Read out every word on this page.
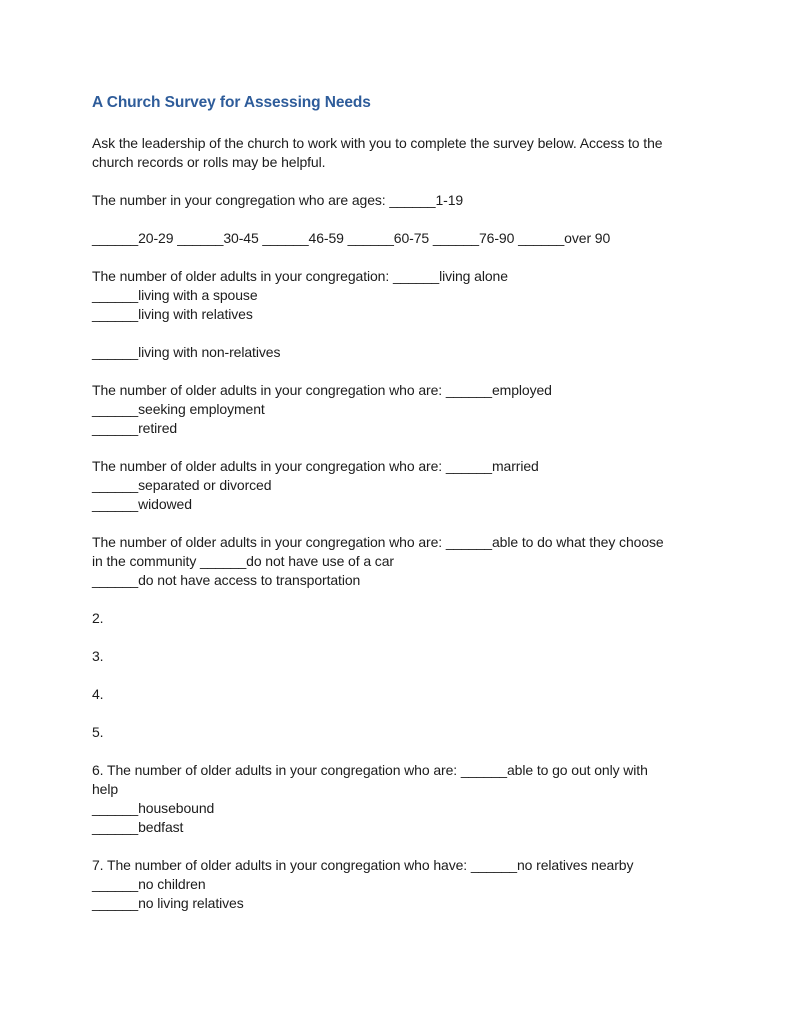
A Church Survey for Assessing Needs
Ask the leadership of the church to work with you to complete the survey below. Access to the
church records or rolls may be helpful.
The number in your congregation who are ages: ______1-19
______20-29 ______30-45 ______46-59 ______60-75 ______76-90 ______over 90
The number of older adults in your congregation: ______living alone
______living with a spouse
______living with relatives
______living with non-relatives
The number of older adults in your congregation who are: ______employed
______seeking employment
______retired
The number of older adults in your congregation who are: ______married
______separated or divorced
______widowed
The number of older adults in your congregation who are: ______able to do what they choose
in the community ______do not have use of a car
______do not have access to transportation
2.
3.
4.
5.
6. The number of older adults in your congregation who are: ______able to go out only with
help
______housebound
______bedfast
7. The number of older adults in your congregation who have: ______no relatives nearby
______no children
______no living relatives
